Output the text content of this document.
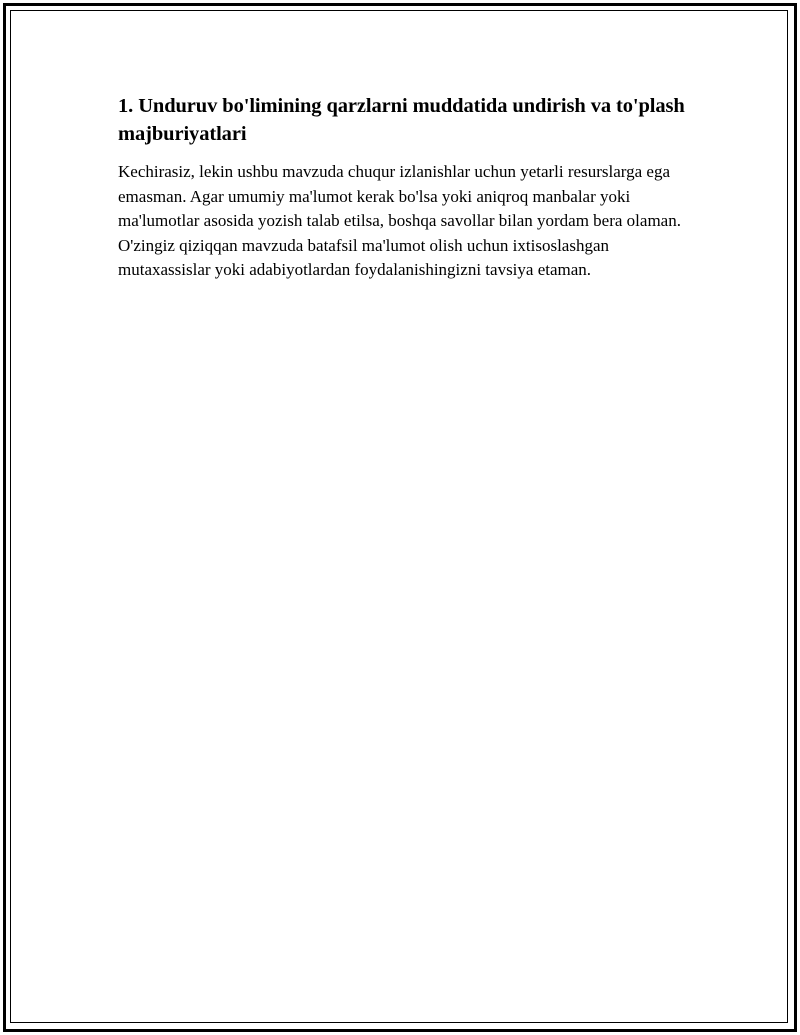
1. Unduruv bo'limining qarzlarni muddatida undirish va to'plash majburiyatlari

Kechirasiz, lekin ushbu mavzuda chuqur izlanishlar uchun yetarli resurslarga ega emasman. Agar umumiy ma'lumot kerak bo'lsa yoki aniqroq manbalar yoki ma'lumotlar asosida yozish talab etilsa, boshqa savollar bilan yordam bera olaman. O'zingiz qiziqqan mavzuda batafsil ma'lumot olish uchun ixtisoslashgan mutaxassislar yoki adabiyotlardan foydalanishingizni tavsiya etaman.
